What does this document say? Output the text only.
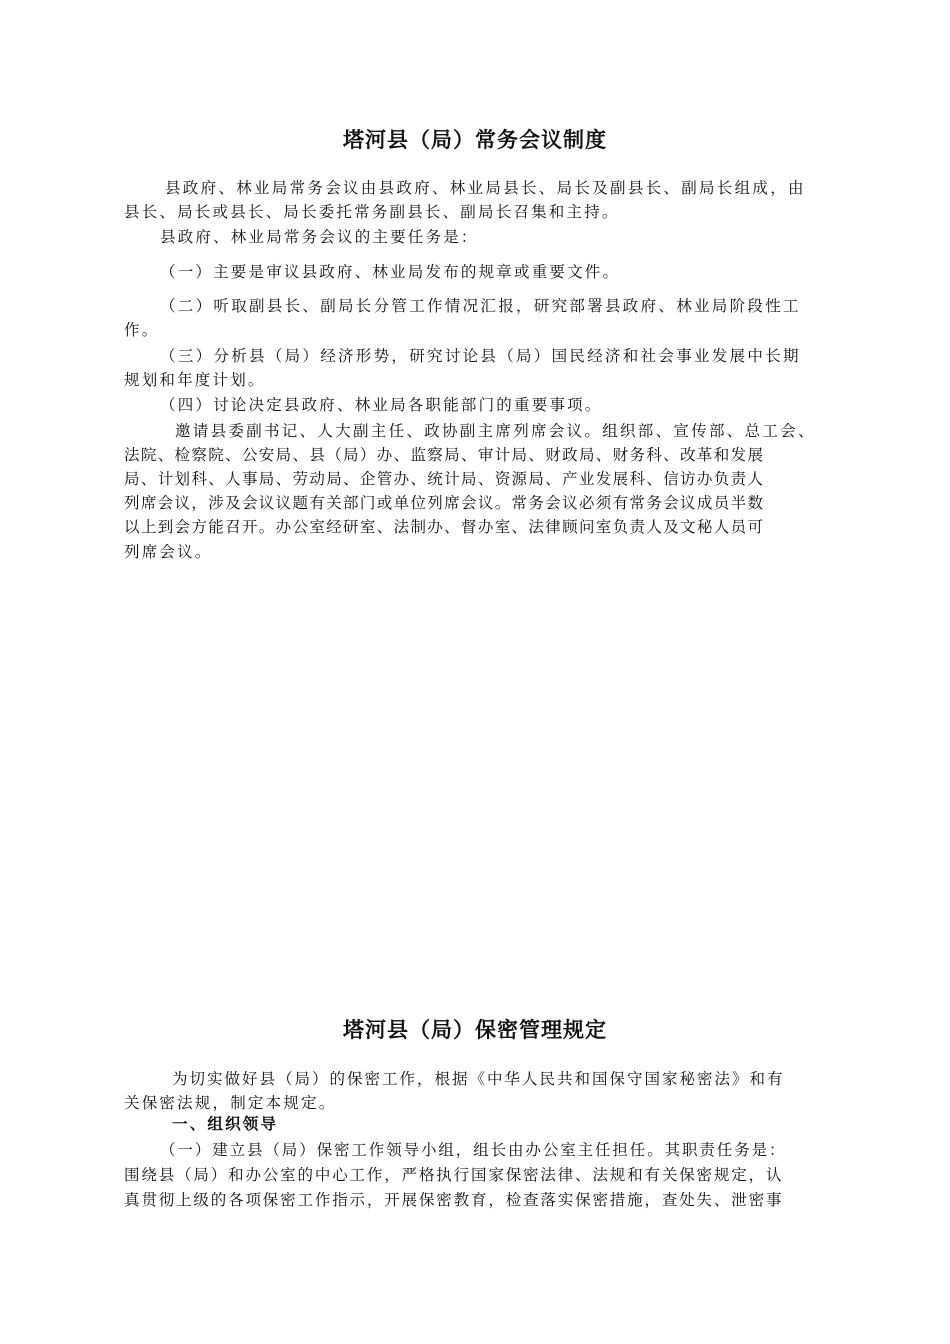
塔河县（局）常务会议制度
县政府、林业局常务会议由县政府、林业局县长、局长及副县长、副局长组成，由
县长、局长或县长、局长委托常务副县长、副局长召集和主持。
县政府、林业局常务会议的主要任务是：
（一）主要是审议县政府、林业局发布的规章或重要文件。
（二）听取副县长、副局长分管工作情况汇报，研究部署县政府、林业局阶段性工
作。
（三）分析县（局）经济形势，研究讨论县（局）国民经济和社会事业发展中长期
规划和年度计划。
（四）讨论决定县政府、林业局各职能部门的重要事项。
邀请县委副书记、人大副主任、政协副主席列席会议。组织部、宣传部、总工会、
法院、检察院、公安局、县（局）办、监察局、审计局、财政局、财务科、改革和发展
局、计划科、人事局、劳动局、企管办、统计局、资源局、产业发展科、信访办负责人
列席会议，涉及会议议题有关部门或单位列席会议。常务会议必须有常务会议成员半数
以上到会方能召开。办公室经研室、法制办、督办室、法律顾问室负责人及文秘人员可
列席会议。
塔河县（局）保密管理规定
为切实做好县（局）的保密工作，根据《中华人民共和国保守国家秘密法》和有
关保密法规，制定本规定。
一、组织领导
（一）建立县（局）保密工作领导小组，组长由办公室主任担任。其职责任务是：
围绕县（局）和办公室的中心工作，严格执行国家保密法律、法规和有关保密规定，认
真贯彻上级的各项保密工作指示，开展保密教育，检查落实保密措施，查处失、泄密事
